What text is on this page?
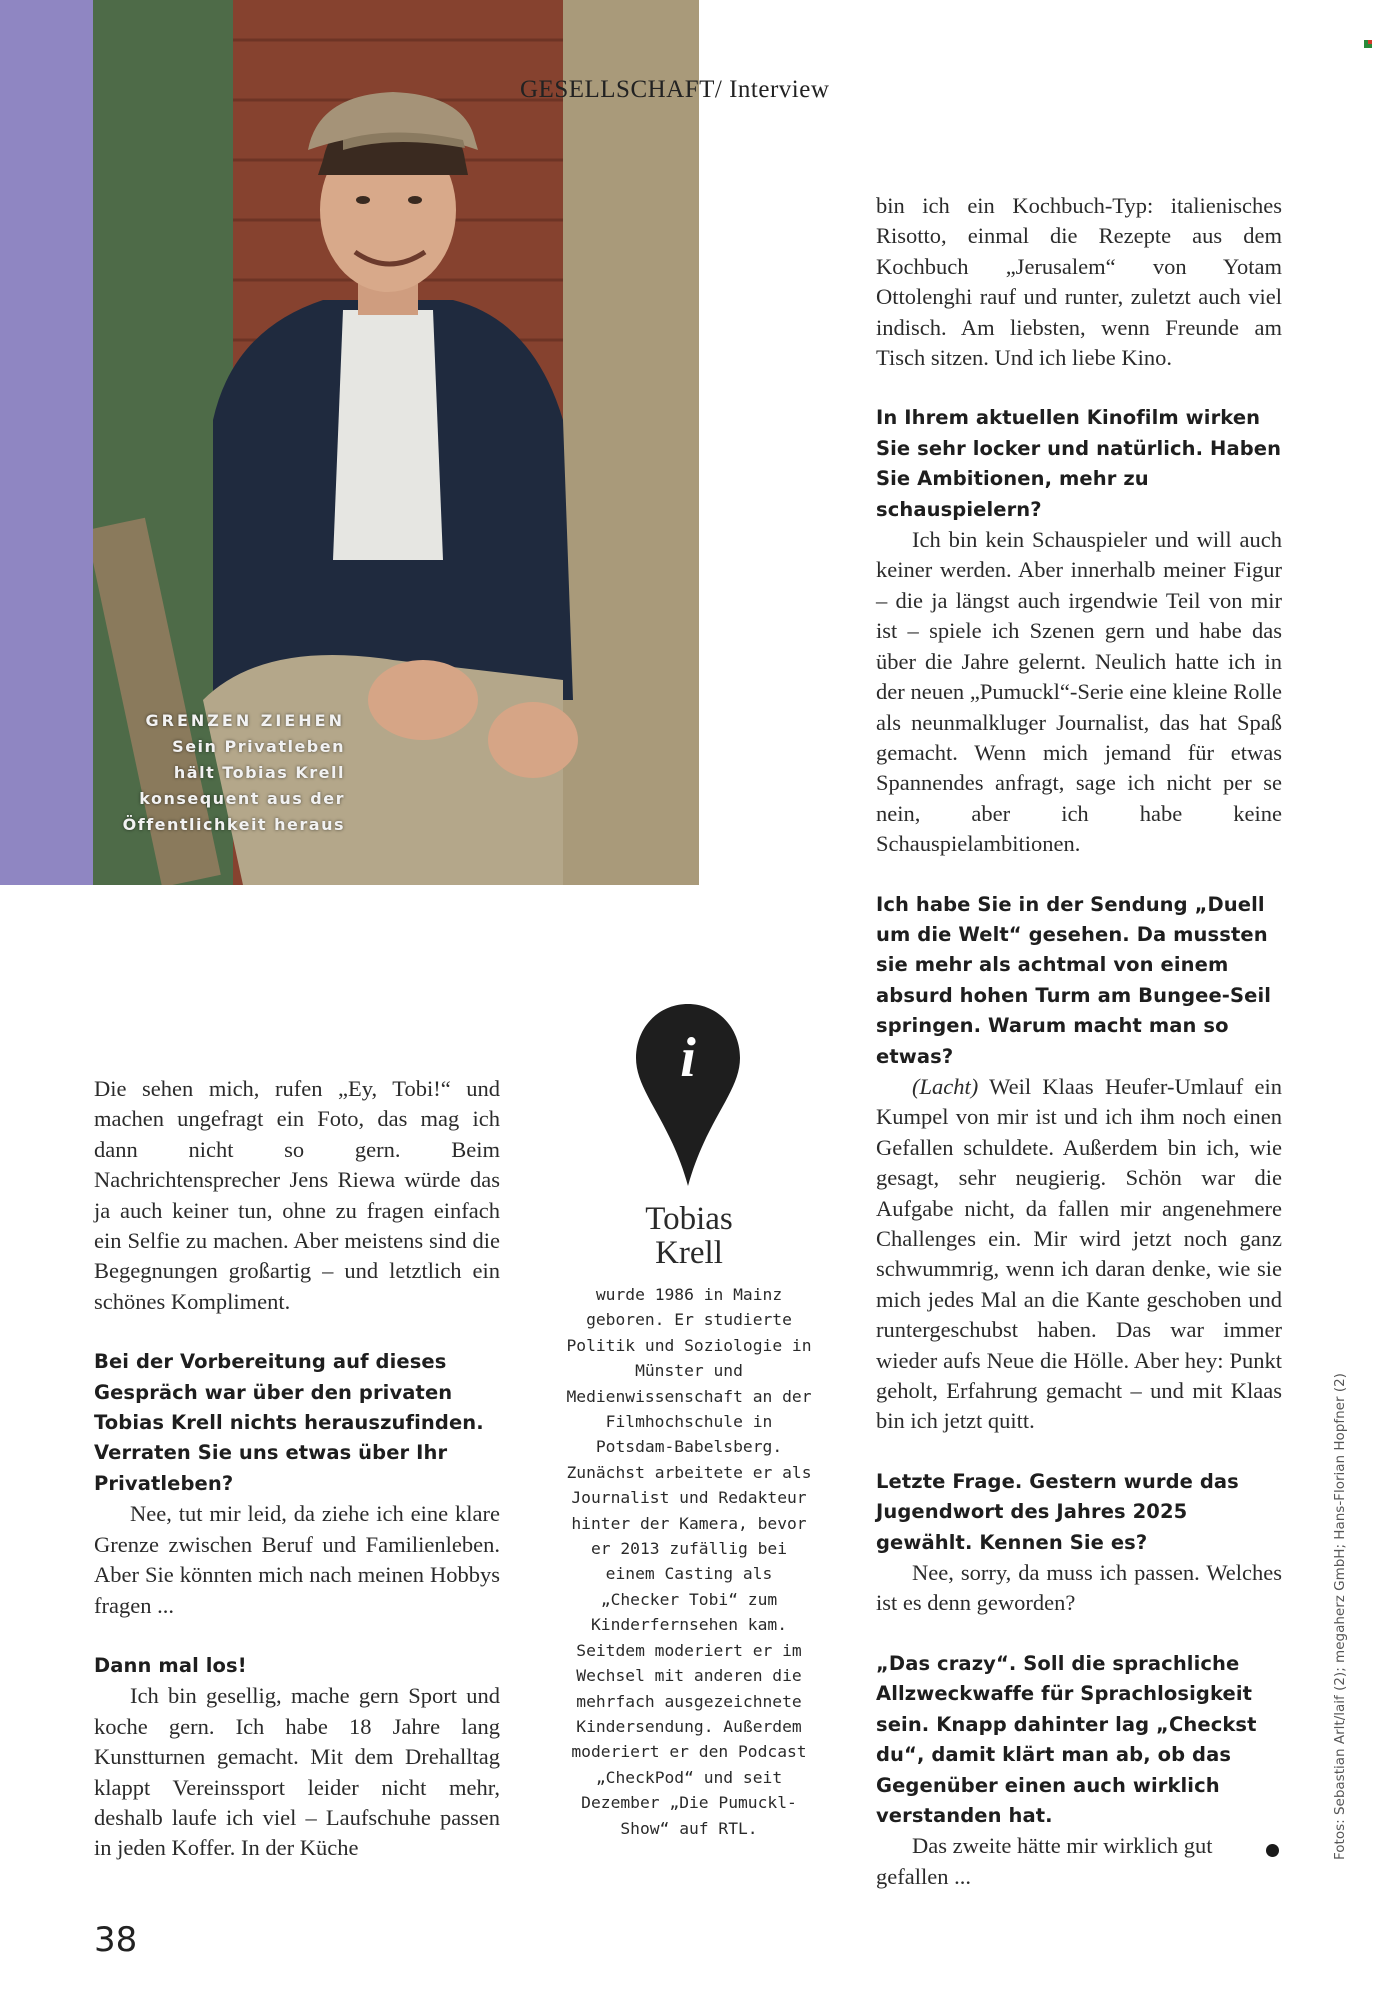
GRENZEN ZIEHEN
Sein Privatleben
hält Tobias Krell
konsequent aus der
Öffentlichkeit heraus
GESELLSCHAFT/ Interview

Die sehen mich, rufen „Ey, Tobi!“ und machen ungefragt ein Foto, das mag ich dann nicht so gern. Beim Nachrichtensprecher Jens Riewa würde das ja auch keiner tun, ohne zu fragen einfach ein Selfie zu machen. Aber meistens sind die Begegnungen großartig – und letztlich ein schönes Kompliment.

Bei der Vorbereitung auf dieses Gespräch war über den privaten Tobias Krell nichts herauszufinden. Verraten Sie uns etwas über Ihr Privatleben?

Nee, tut mir leid, da ziehe ich eine klare Grenze zwischen Beruf und Familienleben. Aber Sie könnten mich nach meinen Hobbys fragen ...

Dann mal los!

Ich bin gesellig, mache gern Sport und koche gern. Ich habe 18 Jahre lang Kunstturnen gemacht. Mit dem Drehalltag klappt Vereinssport leider nicht mehr, deshalb laufe ich viel – Laufschuhe passen in jeden Koffer. In der Küche

i
Tobias
Krell
wurde 1986 in Mainz geboren. Er studierte Politik und Soziologie in Münster und Medienwissenschaft an der Filmhochschule in Potsdam-Babelsberg. Zunächst arbeitete er als Journalist und Redakteur hinter der Kamera, bevor er 2013 zufällig bei einem Casting als „Checker Tobi“ zum Kinderfernsehen kam. Seitdem moderiert er im Wechsel mit anderen die mehrfach ausgezeichnete Kindersendung. Außerdem moderiert er den Podcast „CheckPod“ und seit Dezember „Die Pumuckl-Show“ auf RTL.

bin ich ein Kochbuch-Typ: italienisches Risotto, einmal die Rezepte aus dem Kochbuch „Jerusalem“ von Yotam Ottolenghi rauf und runter, zuletzt auch viel indisch. Am liebsten, wenn Freunde am Tisch sitzen. Und ich liebe Kino.

In Ihrem aktuellen Kinofilm wirken Sie sehr locker und natürlich. Haben Sie Ambitionen, mehr zu schauspielern?

Ich bin kein Schauspieler und will auch keiner werden. Aber innerhalb meiner Figur – die ja längst auch irgendwie Teil von mir ist – spiele ich Szenen gern und habe das über die Jahre gelernt. Neulich hatte ich in der neuen „Pumuckl“-Serie eine kleine Rolle als neunmalkluger Journalist, das hat Spaß gemacht. Wenn mich jemand für etwas Spannendes anfragt, sage ich nicht per se nein, aber ich habe keine Schauspielambitionen.

Ich habe Sie in der Sendung „Duell um die Welt“ gesehen. Da mussten sie mehr als achtmal von einem absurd hohen Turm am Bungee-Seil springen. Warum macht man so etwas?

(Lacht) Weil Klaas Heufer-Umlauf ein Kumpel von mir ist und ich ihm noch einen Gefallen schuldete. Außerdem bin ich, wie gesagt, sehr neugierig. Schön war die Aufgabe nicht, da fallen mir angenehmere Challenges ein. Mir wird jetzt noch ganz schwummrig, wenn ich daran denke, wie sie mich jedes Mal an die Kante geschoben und runtergeschubst haben. Das war immer wieder aufs Neue die Hölle. Aber hey: Punkt geholt, Erfahrung gemacht – und mit Klaas bin ich jetzt quitt.

Letzte Frage. Gestern wurde das Jugendwort des Jahres 2025 gewählt. Kennen Sie es?

Nee, sorry, da muss ich passen. Welches ist es denn geworden?

„Das crazy“. Soll die sprachliche Allzweckwaffe für Sprachlosigkeit sein. Knapp dahinter lag „Checkst du“, damit klärt man ab, ob das Gegenüber einen auch wirklich verstanden hat.

Das zweite hätte mir wirklich gut gefallen ...

Fotos: Sebastian Arlt/laif (2); megaherz GmbH; Hans-Florian Hopfner (2)
38
